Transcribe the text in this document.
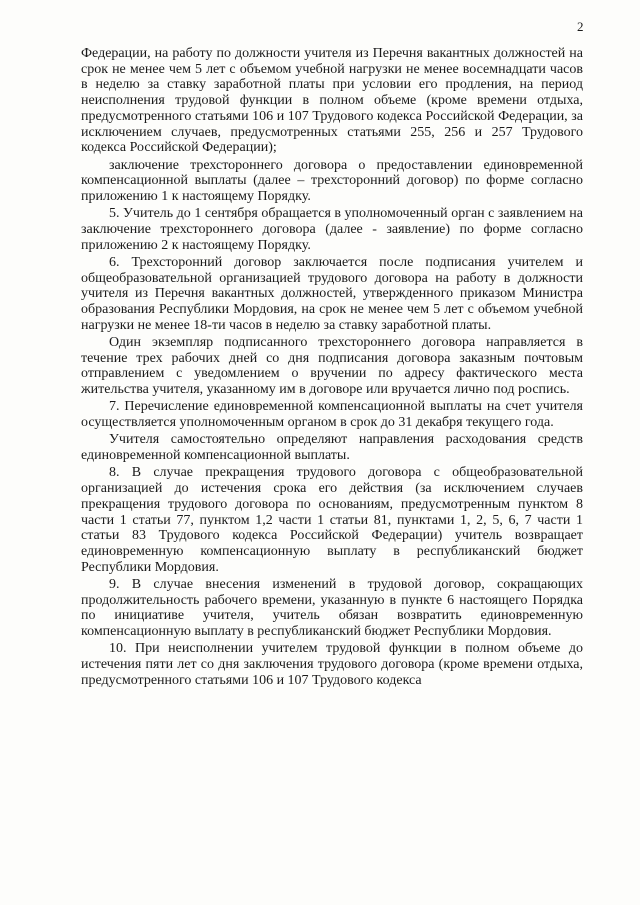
2

Федерации, на работу по должности учителя из Перечня вакантных должностей на срок не менее чем 5 лет с объемом учебной нагрузки не менее восемнадцати часов в неделю за ставку заработной платы при условии его продления, на период неисполнения трудовой функции в полном объеме (кроме времени отдыха, предусмотренного статьями 106 и 107 Трудового кодекса Российской Федерации, за исключением случаев, предусмотренных статьями 255, 256 и 257 Трудового кодекса Российской Федерации);

заключение трехстороннего договора о предоставлении единовременной компенсационной выплаты (далее – трехсторонний договор) по форме согласно приложению 1 к настоящему Порядку.

5. Учитель до 1 сентября обращается в уполномоченный орган с заявлением на заключение трехстороннего договора (далее - заявление) по форме согласно приложению 2 к настоящему Порядку.

6. Трехсторонний договор заключается после подписания учителем и общеобразовательной организацией трудового договора на работу в должности учителя из Перечня вакантных должностей, утвержденного приказом Министра образования Республики Мордовия, на срок не менее чем 5 лет с объемом учебной нагрузки не менее 18-ти часов в неделю за ставку заработной платы.

Один экземпляр подписанного трехстороннего договора направляется в течение трех рабочих дней со дня подписания договора заказным почтовым отправлением с уведомлением о вручении по адресу фактического места жительства учителя, указанному им в договоре или вручается лично под роспись.

7. Перечисление единовременной компенсационной выплаты на счет учителя осуществляется уполномоченным органом в срок до 31 декабря текущего года.

Учителя самостоятельно определяют направления расходования средств единовременной компенсационной выплаты.

8. В случае прекращения трудового договора с общеобразовательной организацией до истечения срока его действия (за исключением случаев прекращения трудового договора по основаниям, предусмотренным пунктом 8 части 1 статьи 77, пунктом 1,2 части 1 статьи 81, пунктами 1, 2, 5, 6, 7 части 1 статьи 83 Трудового кодекса Российской Федерации) учитель возвращает единовременную компенсационную выплату в республиканский бюджет Республики Мордовия.

9. В случае внесения изменений в трудовой договор, сокращающих продолжительность рабочего времени, указанную в пункте 6 настоящего Порядка по инициативе учителя, учитель обязан возвратить единовременную компенсационную выплату в республиканский бюджет Республики Мордовия.

10. При неисполнении учителем трудовой функции в полном объеме до истечения пяти лет со дня заключения трудового договора (кроме времени отдыха, предусмотренного статьями 106 и 107 Трудового кодекса
